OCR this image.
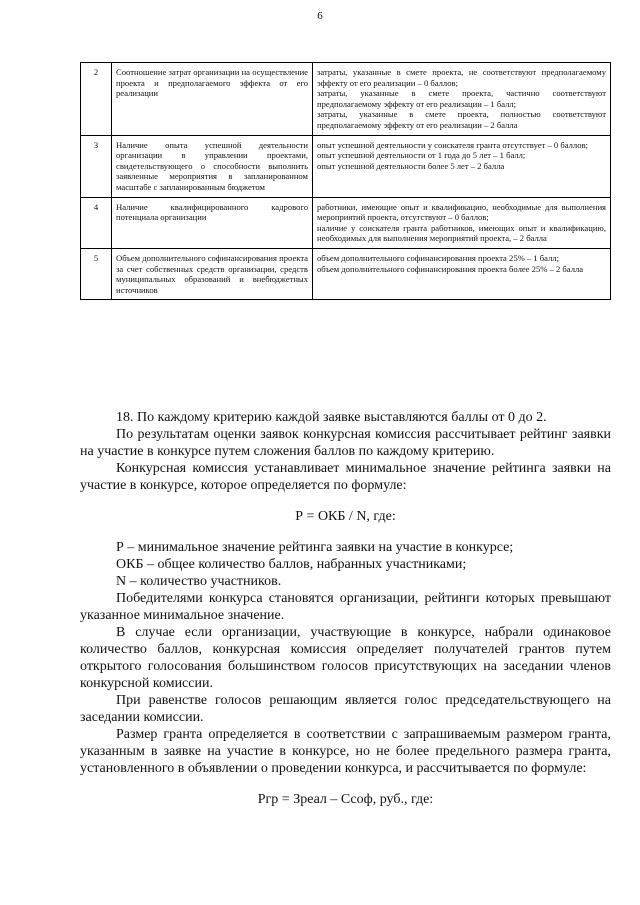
6
2	Соотношение затрат организации на осуществление проекта и предполагаемого эффекта от его реализации	затраты, указанные в смете проекта, не соответствуют предполагаемому эффекту от его реализации – 0 баллов;
затраты, указанные в смете проекта, частично соответствуют предполагаемому эффекту от его реализации – 1 балл;
затраты, указанные в смете проекта, полностью соответствуют предполагаемому эффекту от его реализации – 2 балла

3	Наличие опыта успешной деятельности организации в управлении проектами, свидетельствующего о способности выполнить заявленные мероприятия в запланированном масштабе с запланированным бюджетом	опыт успешной деятельности у соискателя гранта отсутствует – 0 баллов;
опыт успешной деятельности от 1 года до 5 лет – 1 балл;
опыт успешной деятельности более 5 лет – 2 балла

4	Наличие квалифицированного кадрового потенциала организации	работники, имеющие опыт и квалификацию, необходимые для выполнения мероприятий проекта, отсутствуют – 0 баллов;
наличие у соискателя гранта работников, имеющих опыт и квалификацию, необходимых для выполнения мероприятий проекта, – 2 балла

5	Объем дополнительного софинансирования проекта за счет собственных средств организации, средств муниципальных образований и внебюджетных источников	объем дополнительного софинансирования проекта 25% – 1 балл;
объем дополнительного софинансирования проекта более 25% – 2 балла

18. По каждому критерию каждой заявке выставляются баллы от 0 до 2.

По результатам оценки заявок конкурсная комиссия рассчитывает рейтинг заявки на участие в конкурсе путем сложения баллов по каждому критерию.

Конкурсная комиссия устанавливает минимальное значение рейтинга заявки на участие в конкурсе, которое определяется по формуле:

Р = ОКБ / N, где:

Р – минимальное значение рейтинга заявки на участие в конкурсе;

ОКБ – общее количество баллов, набранных участниками;

N – количество участников.

Победителями конкурса становятся организации, рейтинги которых превышают указанное минимальное значение.

В случае если организации, участвующие в конкурсе, набрали одинаковое количество баллов, конкурсная комиссия определяет получателей грантов путем открытого голосования большинством голосов присутствующих на заседании членов конкурсной комиссии.

При равенстве голосов решающим является голос председательствующего на заседании комиссии.

Размер гранта определяется в соответствии с запрашиваемым размером гранта, указанным в заявке на участие в конкурсе, но не более предельного размера гранта, установленного в объявлении о проведении конкурса, и рассчитывается по формуле:

Ргр = Зреал – Ссоф, руб., где:
